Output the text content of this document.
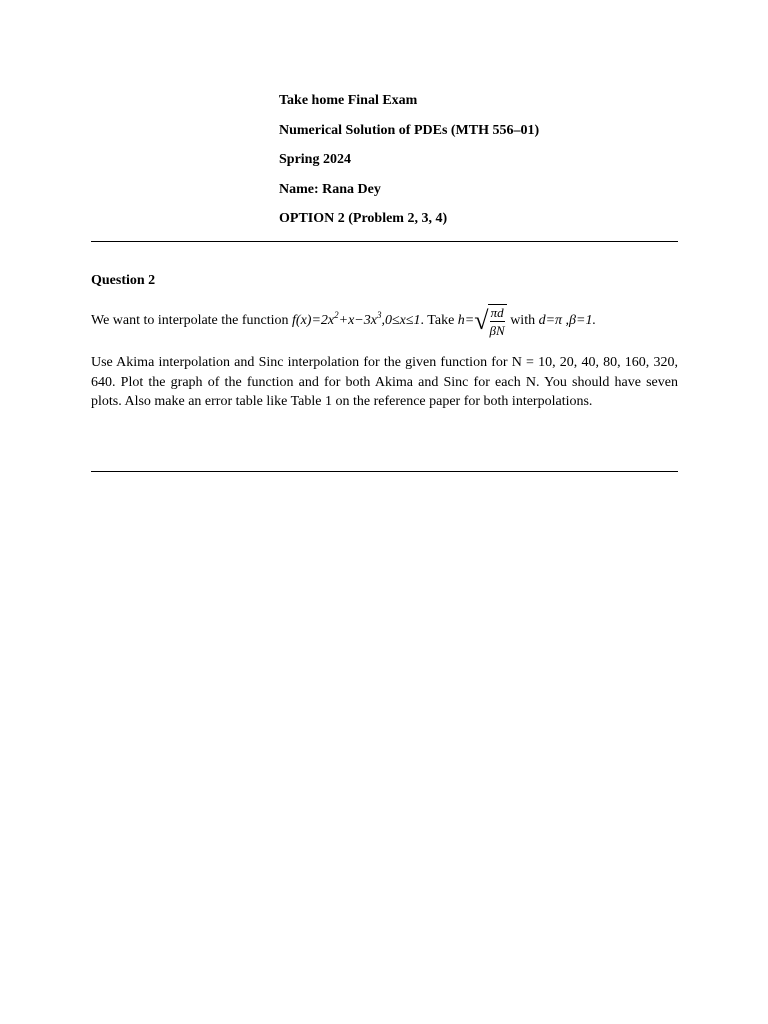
Take home Final Exam
Numerical Solution of PDEs (MTH 556–01)
Spring 2024
Name: Rana Dey
OPTION 2 (Problem 2, 3, 4)
Question 2
We want to interpolate the function $f(x)=2x^2+x-3x^3,0\le x\le 1$. Take h= √ $\frac{\pi d}{\beta N}$ with d=π ,β=1.
Use Akima interpolation and Sinc interpolation for the given function for N = 10, 20, 40, 80, 160, 320, 640. Plot the graph of the function and for both Akima and Sinc for each N. You should have seven plots. Also make an error table like Table 1 on the reference paper for both interpolations.
